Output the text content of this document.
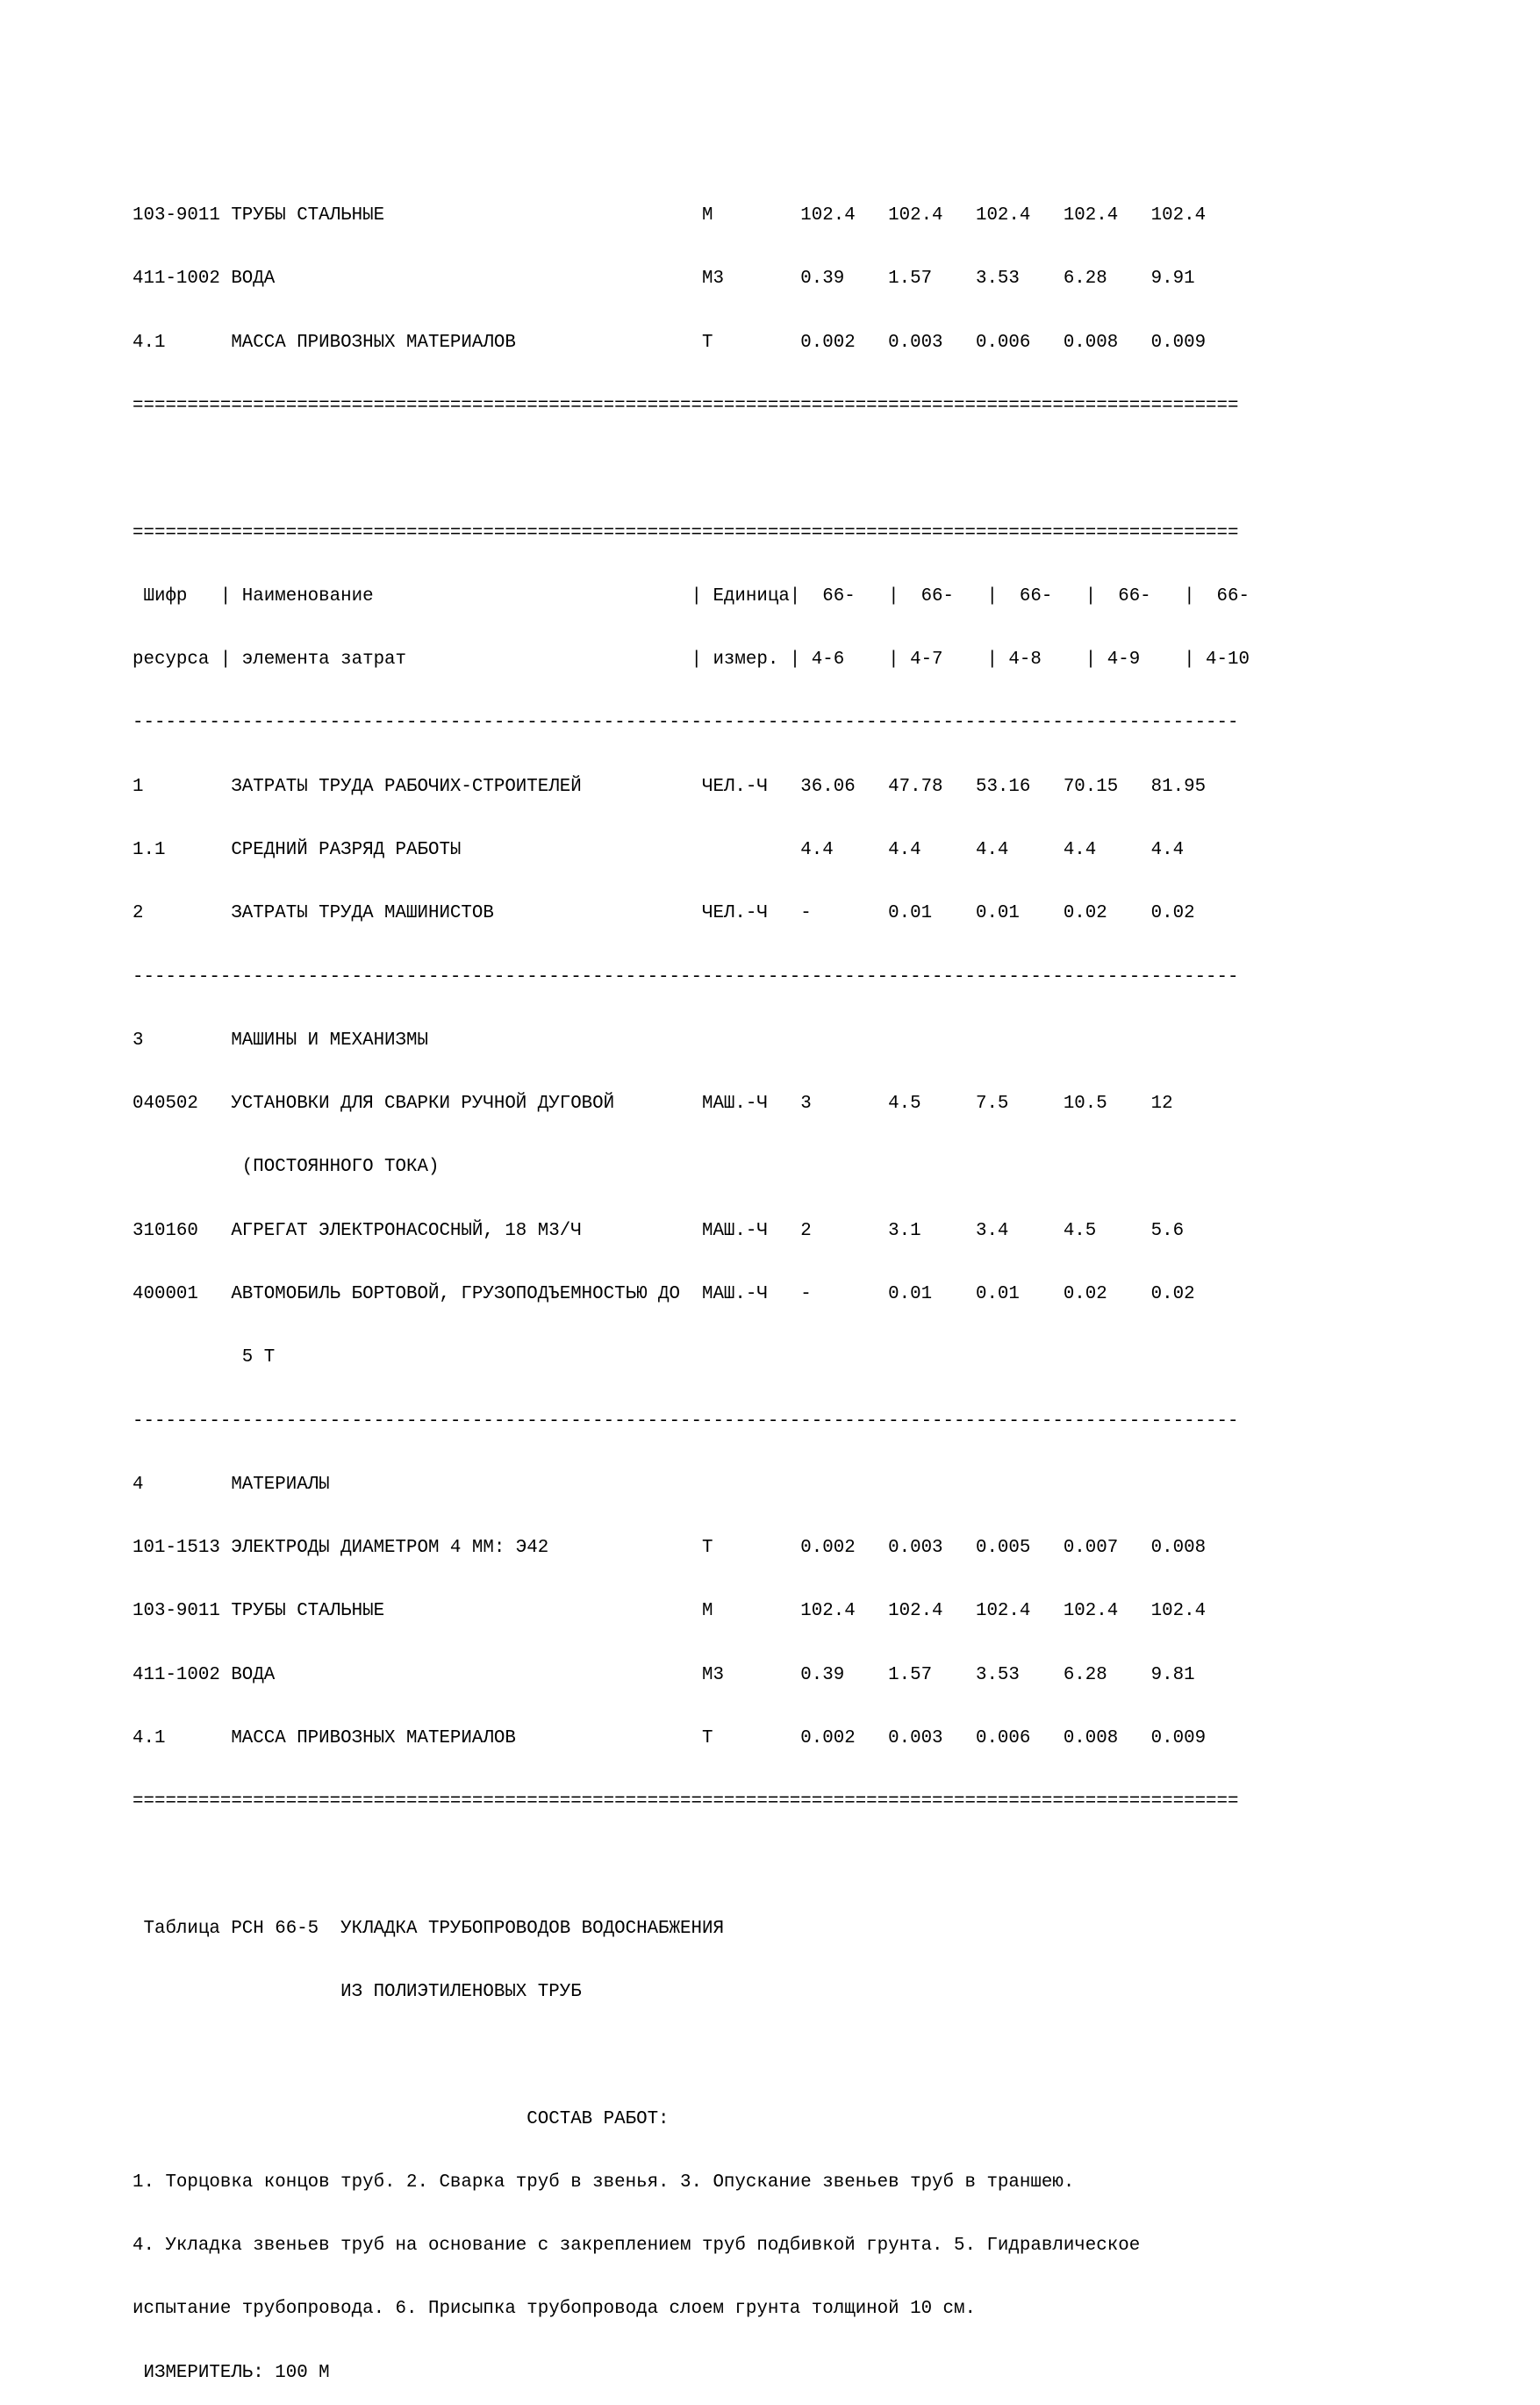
103-9011 ТРУБЫ СТАЛЬНЫЕ                             М        102.4   102.4   102.4   102.4   102.4

411-1002 ВОДА                                       М3       0.39    1.57    3.53    6.28    9.91

4.1      МАССА ПРИВОЗНЫХ МАТЕРИАЛОВ                 Т        0.002   0.003   0.006   0.008   0.009

=====================================================================================================

=====================================================================================================

Шифр   | Наименование                             | Единица|  66-   |  66-   |  66-   |  66-   |  66-

ресурса | элемента затрат                          | измер. | 4-6    | 4-7    | 4-8    | 4-9    | 4-10

-----------------------------------------------------------------------------------------------------

1        ЗАТРАТЫ ТРУДА РАБОЧИХ-СТРОИТЕЛЕЙ           ЧЕЛ.-Ч   36.06   47.78   53.16   70.15   81.95

1.1      СРЕДНИЙ РАЗРЯД РАБОТЫ                               4.4     4.4     4.4     4.4     4.4

2        ЗАТРАТЫ ТРУДА МАШИНИСТОВ                   ЧЕЛ.-Ч   -       0.01    0.01    0.02    0.02

-----------------------------------------------------------------------------------------------------

3        МАШИНЫ И МЕХАНИЗМЫ

040502   УСТАНОВКИ ДЛЯ СВАРКИ РУЧНОЙ ДУГОВОЙ        МАШ.-Ч   3       4.5     7.5     10.5    12

(ПОСТОЯННОГО ТОКА)

310160   АГРЕГАТ ЭЛЕКТРОНАСОСНЫЙ, 18 М3/Ч           МАШ.-Ч   2       3.1     3.4     4.5     5.6

400001   АВТОМОБИЛЬ БОРТОВОЙ, ГРУЗОПОДЪЕМНОСТЬЮ ДО  МАШ.-Ч   -       0.01    0.01    0.02    0.02

5 Т

-----------------------------------------------------------------------------------------------------

4        МАТЕРИАЛЫ

101-1513 ЭЛЕКТРОДЫ ДИАМЕТРОМ 4 ММ: Э42              Т        0.002   0.003   0.005   0.007   0.008

103-9011 ТРУБЫ СТАЛЬНЫЕ                             М        102.4   102.4   102.4   102.4   102.4

411-1002 ВОДА                                       М3       0.39    1.57    3.53    6.28    9.81

4.1      МАССА ПРИВОЗНЫХ МАТЕРИАЛОВ                 Т        0.002   0.003   0.006   0.008   0.009

=====================================================================================================

Таблица РСН 66-5  УКЛАДКА ТРУБОПРОВОДОВ ВОДОСНАБЖЕНИЯ

ИЗ ПОЛИЭТИЛЕНОВЫХ ТРУБ

СОСТАВ РАБОТ:

1. Торцовка концов труб. 2. Сварка труб в звенья. 3. Опускание звеньев труб в траншею.

4. Укладка звеньев труб на основание с закреплением труб подбивкой грунта. 5. Гидравлическое

испытание трубопровода. 6. Присыпка трубопровода слоем грунта толщиной 10 см.

ИЗМЕРИТЕЛЬ: 100 М
